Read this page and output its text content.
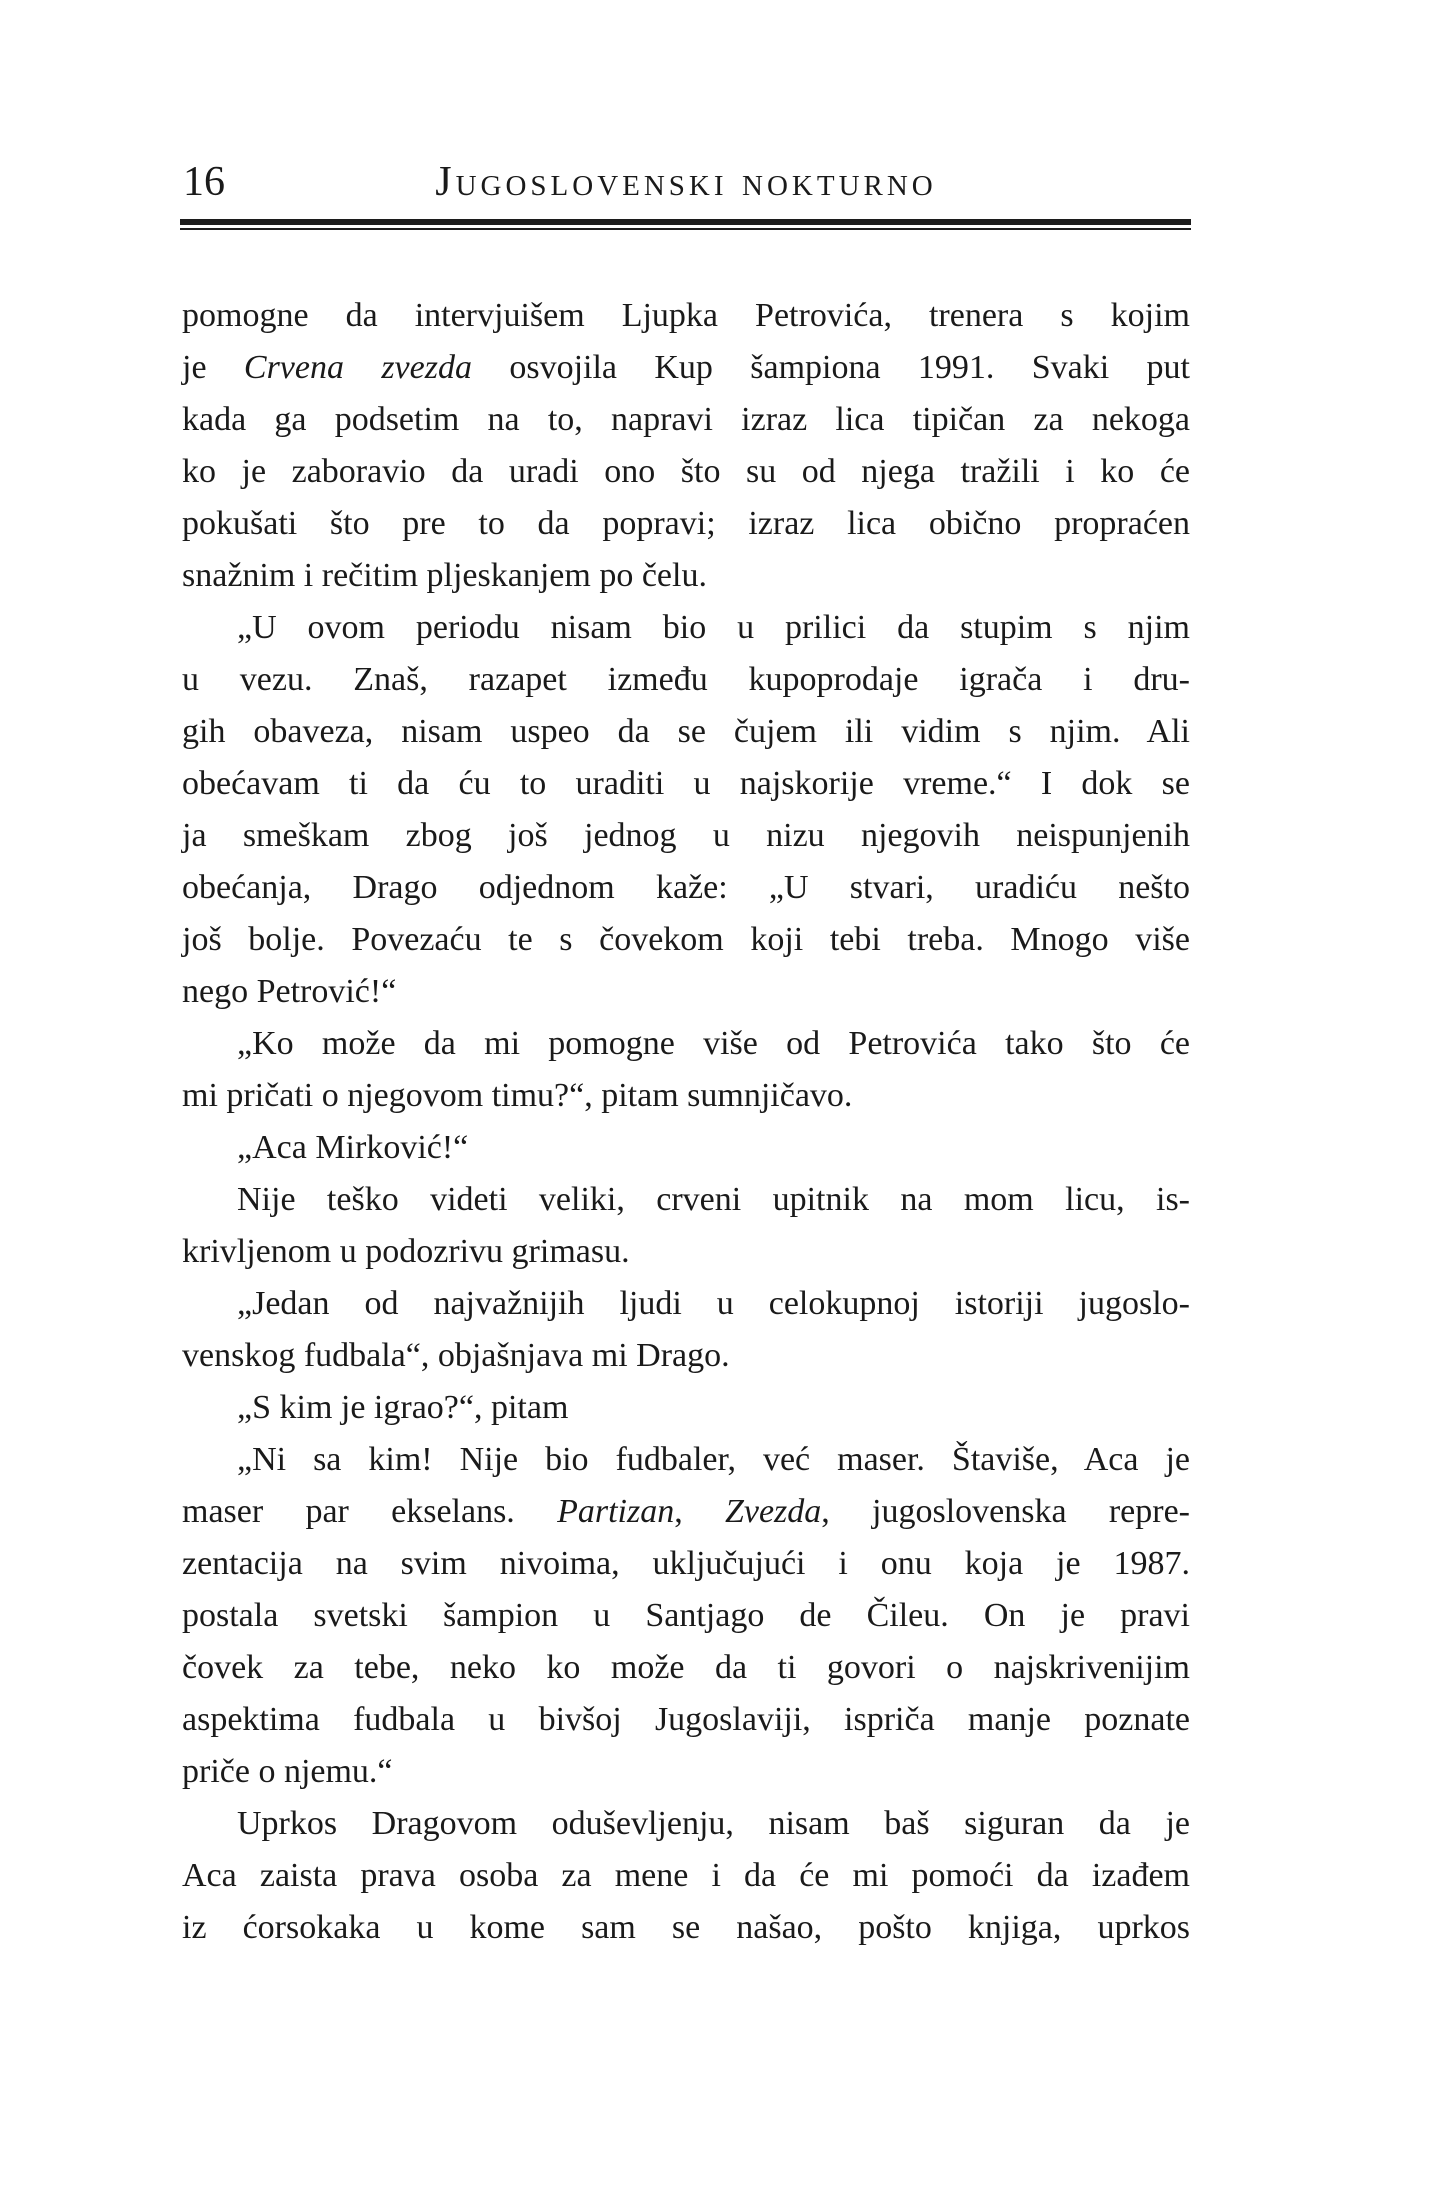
16	Jugoslovenski nokturno
pomogne da intervjuišem Ljupka Petrovića, trenera s kojim
je Crvena zvezda osvojila Kup šampiona 1991. Svaki put
kada ga podsetim na to, napravi izraz lica tipičan za nekoga
ko je zaboravio da uradi ono što su od njega tražili i ko će
pokušati što pre to da popravi; izraz lica obično propraćen
snažnim i rečitim pljeskanjem po čelu.
„U ovom periodu nisam bio u prilici da stupim s njim
u vezu. Znaš, razapet između kupoprodaje igrača i dru-
gih obaveza, nisam uspeo da se čujem ili vidim s njim. Ali
obećavam ti da ću to uraditi u najskorije vreme.“ I dok se
ja smeškam zbog još jednog u nizu njegovih neispunjenih
obećanja, Drago odjednom kaže: „U stvari, uradiću nešto
još bolje. Povezaću te s čovekom koji tebi treba. Mnogo više
nego Petrović!“
„Ko može da mi pomogne više od Petrovića tako što će
mi pričati o njegovom timu?“, pitam sumnjičavo.
„Aca Mirković!“
Nije teško videti veliki, crveni upitnik na mom licu, is-
krivljenom u podozrivu grimasu.
„Jedan od najvažnijih ljudi u celokupnoj istoriji jugoslo-
venskog fudbala“, objašnjava mi Drago.
„S kim je igrao?“, pitam
„Ni sa kim! Nije bio fudbaler, već maser. Štaviše, Aca je
maser par ekselans. Partizan, Zvezda, jugoslovenska repre-
zentacija na svim nivoima, uključujući i onu koja je 1987.
postala svetski šampion u Santjago de Čileu. On je pravi
čovek za tebe, neko ko može da ti govori o najskrivenijim
aspektima fudbala u bivšoj Jugoslaviji, ispriča manje poznate
priče o njemu.“
Uprkos Dragovom oduševljenju, nisam baš siguran da je
Aca zaista prava osoba za mene i da će mi pomoći da izađem
iz ćorsokaka u kome sam se našao, pošto knjiga, uprkos
